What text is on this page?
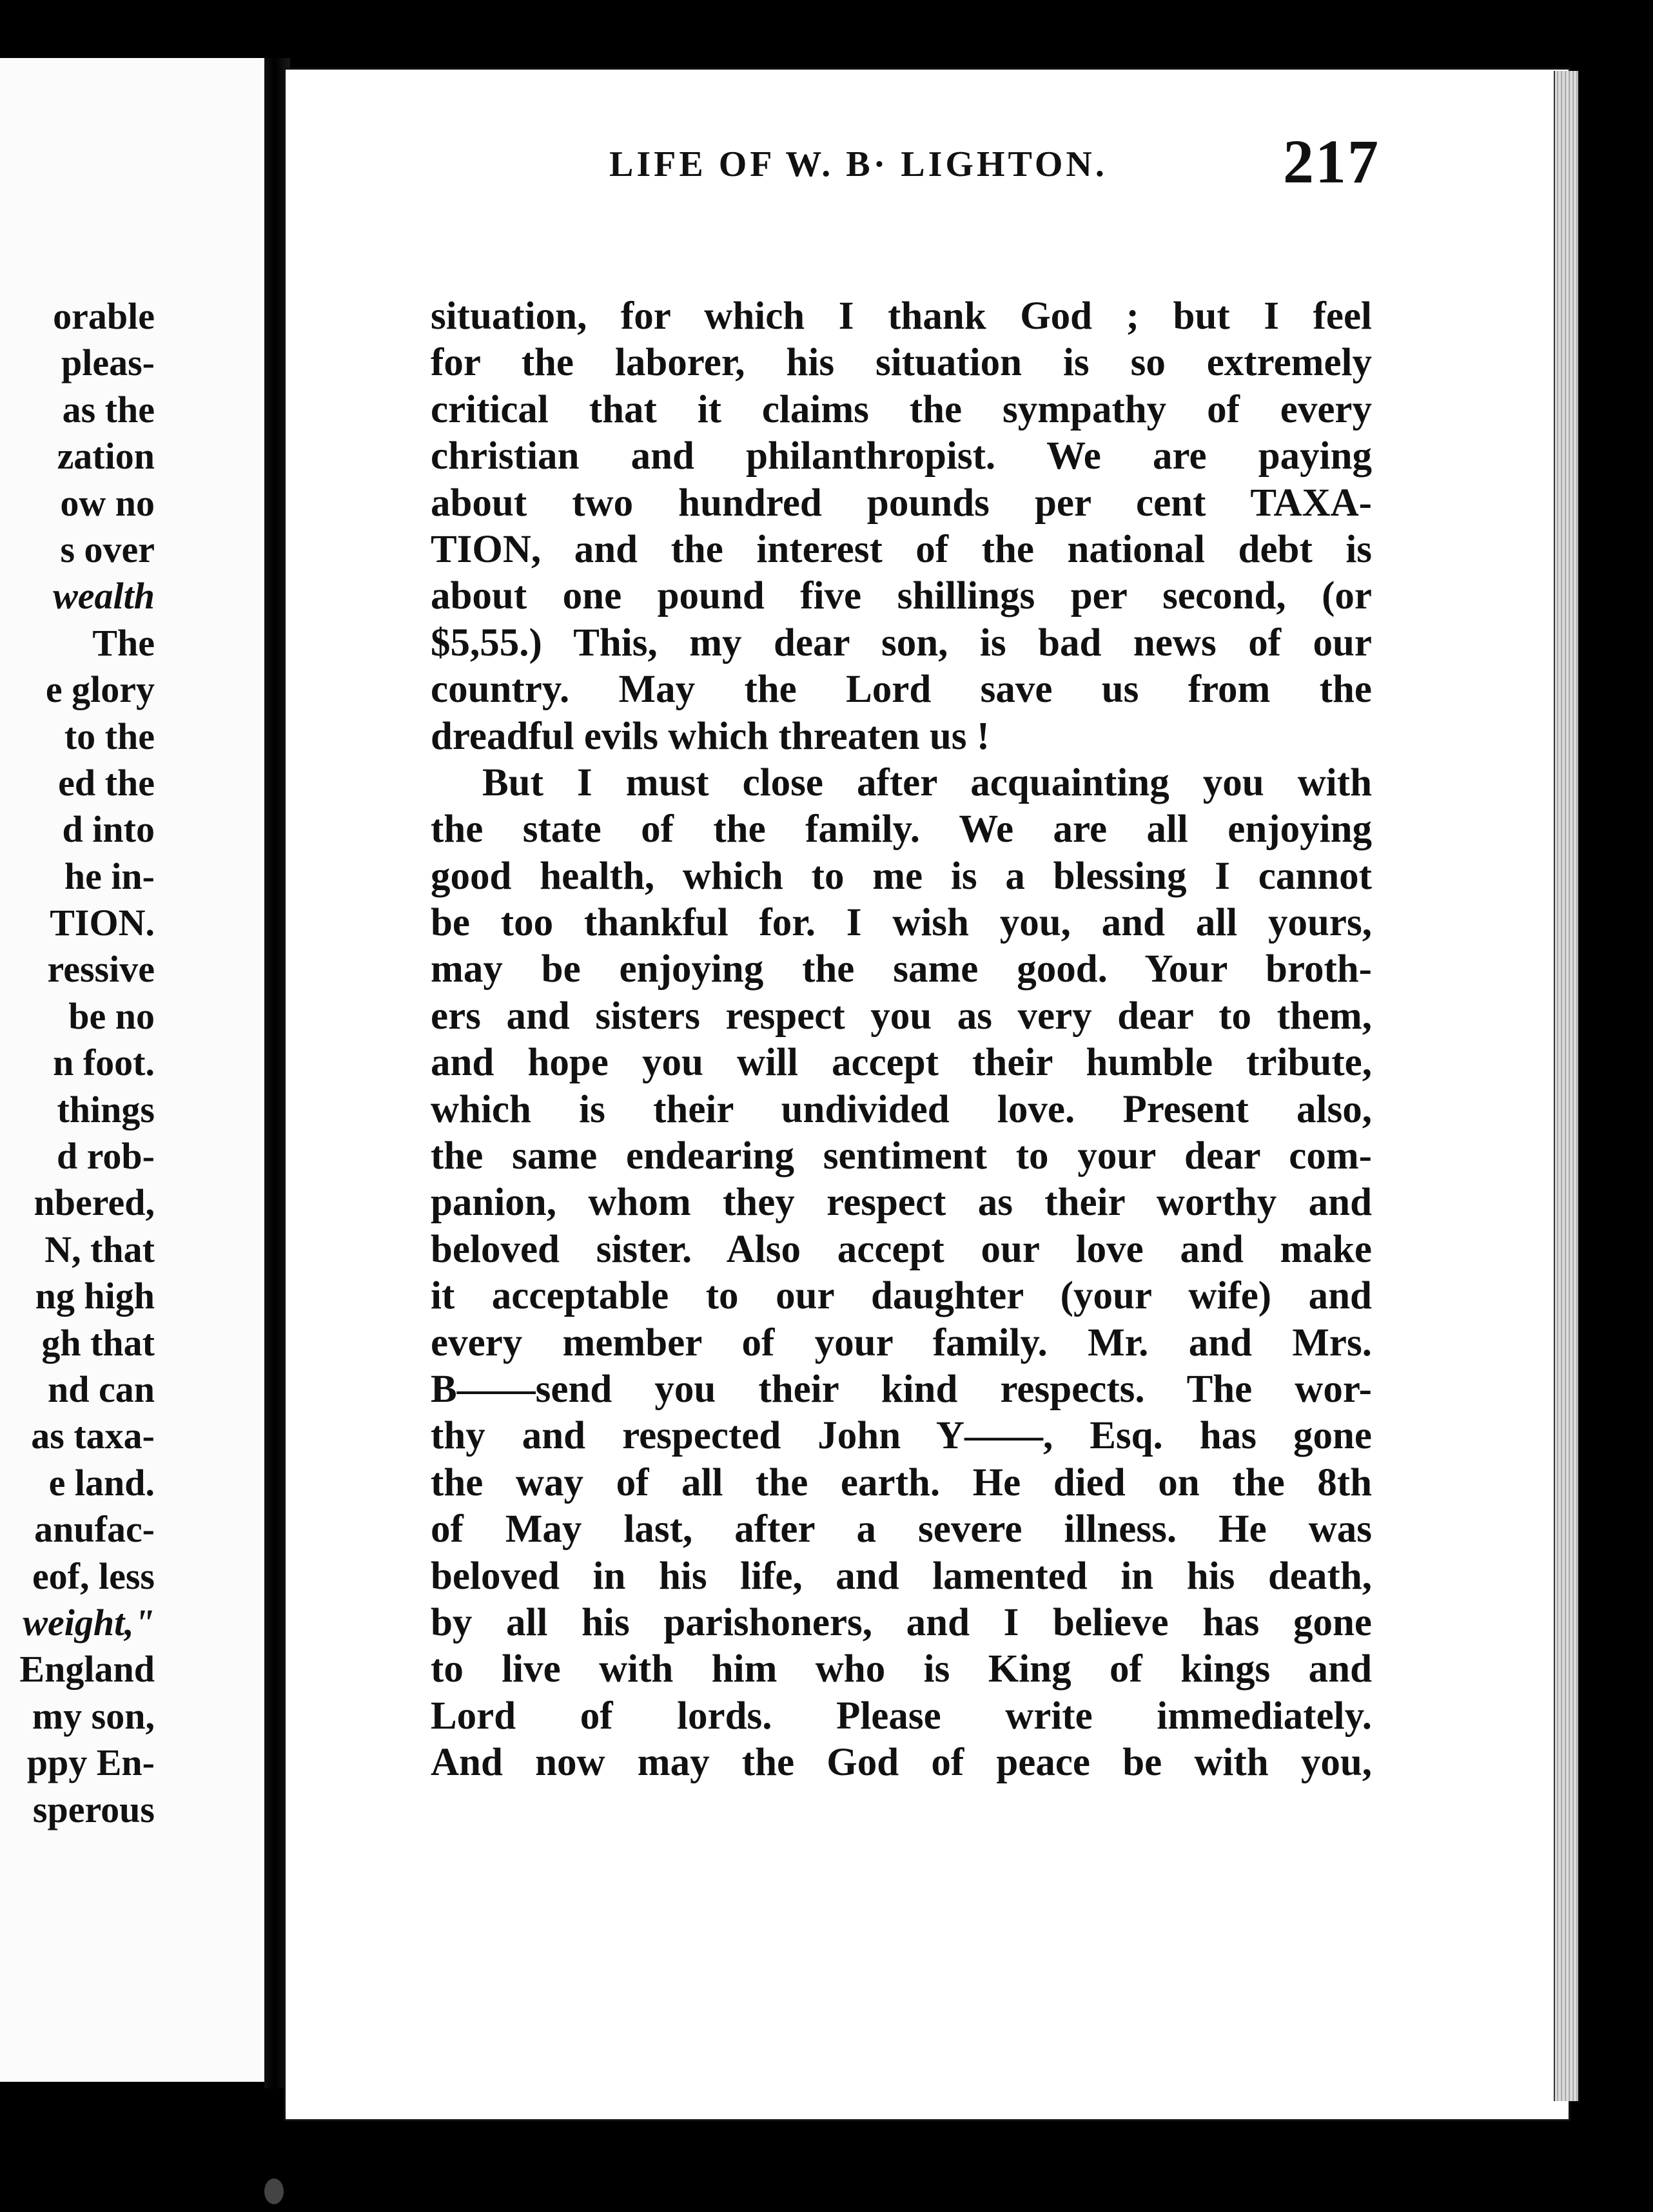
LIFE OF W. B· LIGHTON.	217
situation, for which I thank God ; but I feel
for the laborer, his situation is so extremely
critical that it claims the sympathy of every
christian and philanthropist. We are paying
about two hundred pounds per cent TAXA-
TION, and the interest of the national debt is
about one pound five shillings per second, (or
$5,55.) This, my dear son, is bad news of our
country. May the Lord save us from the
dreadful evils which threaten us !
But I must close after acquainting you with
the state of the family. We are all enjoying
good health, which to me is a blessing I cannot
be too thankful for. I wish you, and all yours,
may be enjoying the same good. Your broth-
ers and sisters respect you as very dear to them,
and hope you will accept their humble tribute,
which is their undivided love. Present also,
the same endearing sentiment to your dear com-
panion, whom they respect as their worthy and
beloved sister. Also accept our love and make
it acceptable to our daughter (your wife) and
every member of your family. Mr. and Mrs.
B——send you their kind respects. The wor-
thy and respected John Y——, Esq. has gone
the way of all the earth. He died on the 8th
of May last, after a severe illness. He was
beloved in his life, and lamented in his death,
by all his parishoners, and I believe has gone
to live with him who is King of kings and
Lord of lords. Please write immediately.
And now may the God of peace be with you,
orable
pleas-
as the
zation
ow no
s over
wealth
The
e glory
to the
ed the
d into
he in-
TION.
ressive
be no
n foot.
things
d rob-
nbered,
N, that
ng high
gh that
nd can
as taxa-
e land.
anufac-
eof, less
weight,"
England
my son,
ppy En-
sperous
